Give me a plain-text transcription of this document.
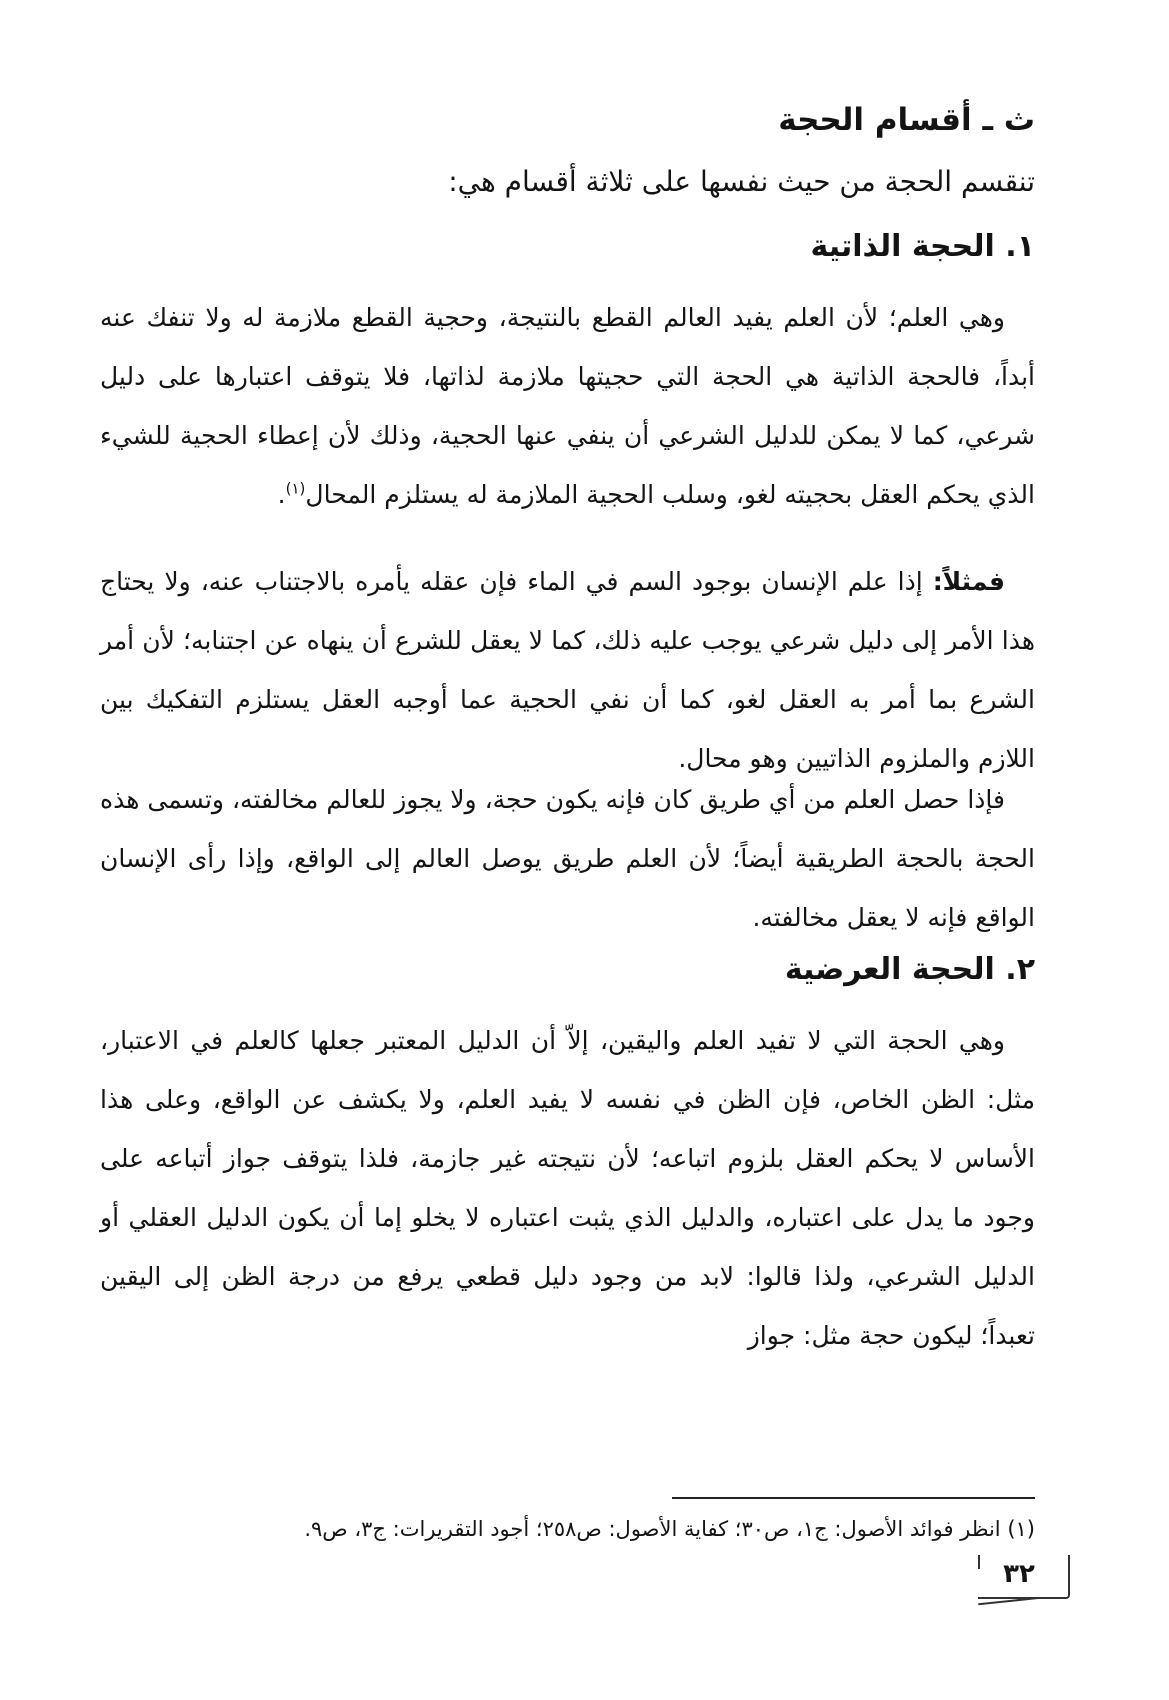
ث ـ أقسام الحجة
تنقسم الحجة من حيث نفسها على ثلاثة أقسام هي:
١. الحجة الذاتية
وهي العلم؛ لأن العلم يفيد العالم القطع بالنتيجة، وحجية القطع ملازمة له ولا تنفك عنه أبداً، فالحجة الذاتية هي الحجة التي حجيتها ملازمة لذاتها، فلا يتوقف اعتبارها على دليل شرعي، كما لا يمكن للدليل الشرعي أن ينفي عنها الحجية، وذلك لأن إعطاء الحجية للشيء الذي يحكم العقل بحجيته لغو، وسلب الحجية الملازمة له يستلزم المحال$^{(١)}$.
فمثلاً: إذا علم الإنسان بوجود السم في الماء فإن عقله يأمره بالاجتناب عنه، ولا يحتاج هذا الأمر إلى دليل شرعي يوجب عليه ذلك، كما لا يعقل للشرع أن ينهاه عن اجتنابه؛ لأن أمر الشرع بما أمر به العقل لغو، كما أن نفي الحجية عما أوجبه العقل يستلزم التفكيك بين اللازم والملزوم الذاتيين وهو محال.
فإذا حصل العلم من أي طريق كان فإنه يكون حجة، ولا يجوز للعالم مخالفته، وتسمى هذه الحجة بالحجة الطريقية أيضاً؛ لأن العلم طريق يوصل العالم إلى الواقع، وإذا رأى الإنسان الواقع فإنه لا يعقل مخالفته.
٢. الحجة العرضية
وهي الحجة التي لا تفيد العلم واليقين، إلاّ أن الدليل المعتبر جعلها كالعلم في الاعتبار، مثل: الظن الخاص، فإن الظن في نفسه لا يفيد العلم، ولا يكشف عن الواقع، وعلى هذا الأساس لا يحكم العقل بلزوم اتباعه؛ لأن نتيجته غير جازمة، فلذا يتوقف جواز أتباعه على وجود ما يدل على اعتباره، والدليل الذي يثبت اعتباره لا يخلو إما أن يكون الدليل العقلي أو الدليل الشرعي، ولذا قالوا: لابد من وجود دليل قطعي يرفع من درجة الظن إلى اليقين تعبداً؛ ليكون حجة مثل: جواز
(١) انظر فوائد الأصول: ج١، ص٣٠؛ كفاية الأصول: ص٢٥٨؛ أجود التقريرات: ج٣، ص٩.
٣٢
